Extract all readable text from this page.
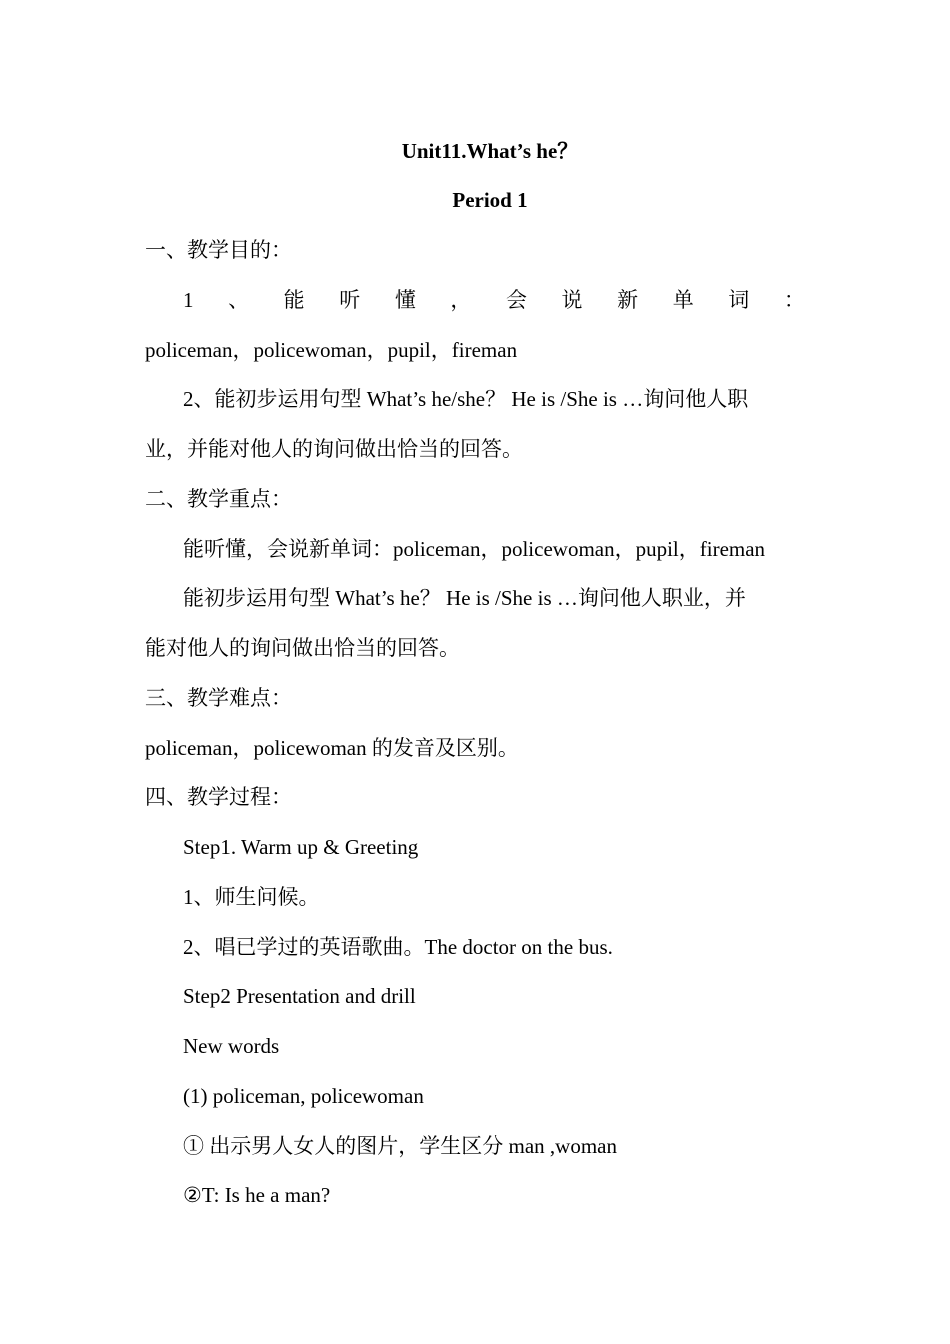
Unit11.What’s he？
Period 1
一、教学目的：
1 、 能 听 懂 ， 会 说 新 单 词 ：
policeman，policewoman，pupil，fireman
2、能初步运用句型 What’s he/she？ He is /She is …询问他人职
业，并能对他人的询问做出恰当的回答。
二、教学重点：
能听懂，会说新单词：policeman，policewoman，pupil，fireman
能初步运用句型 What’s he？ He is /She is …询问他人职业，并
能对他人的询问做出恰当的回答。
三、教学难点：
policeman，policewoman 的发音及区别。
四、教学过程：
Step1. Warm up & Greeting
1、师生问候。
2、唱已学过的英语歌曲。The doctor on the bus.
Step2 Presentation and drill
New words
(1) policeman, policewoman
① 出示男人女人的图片，学生区分 man ,woman
②T: Is he a man?
